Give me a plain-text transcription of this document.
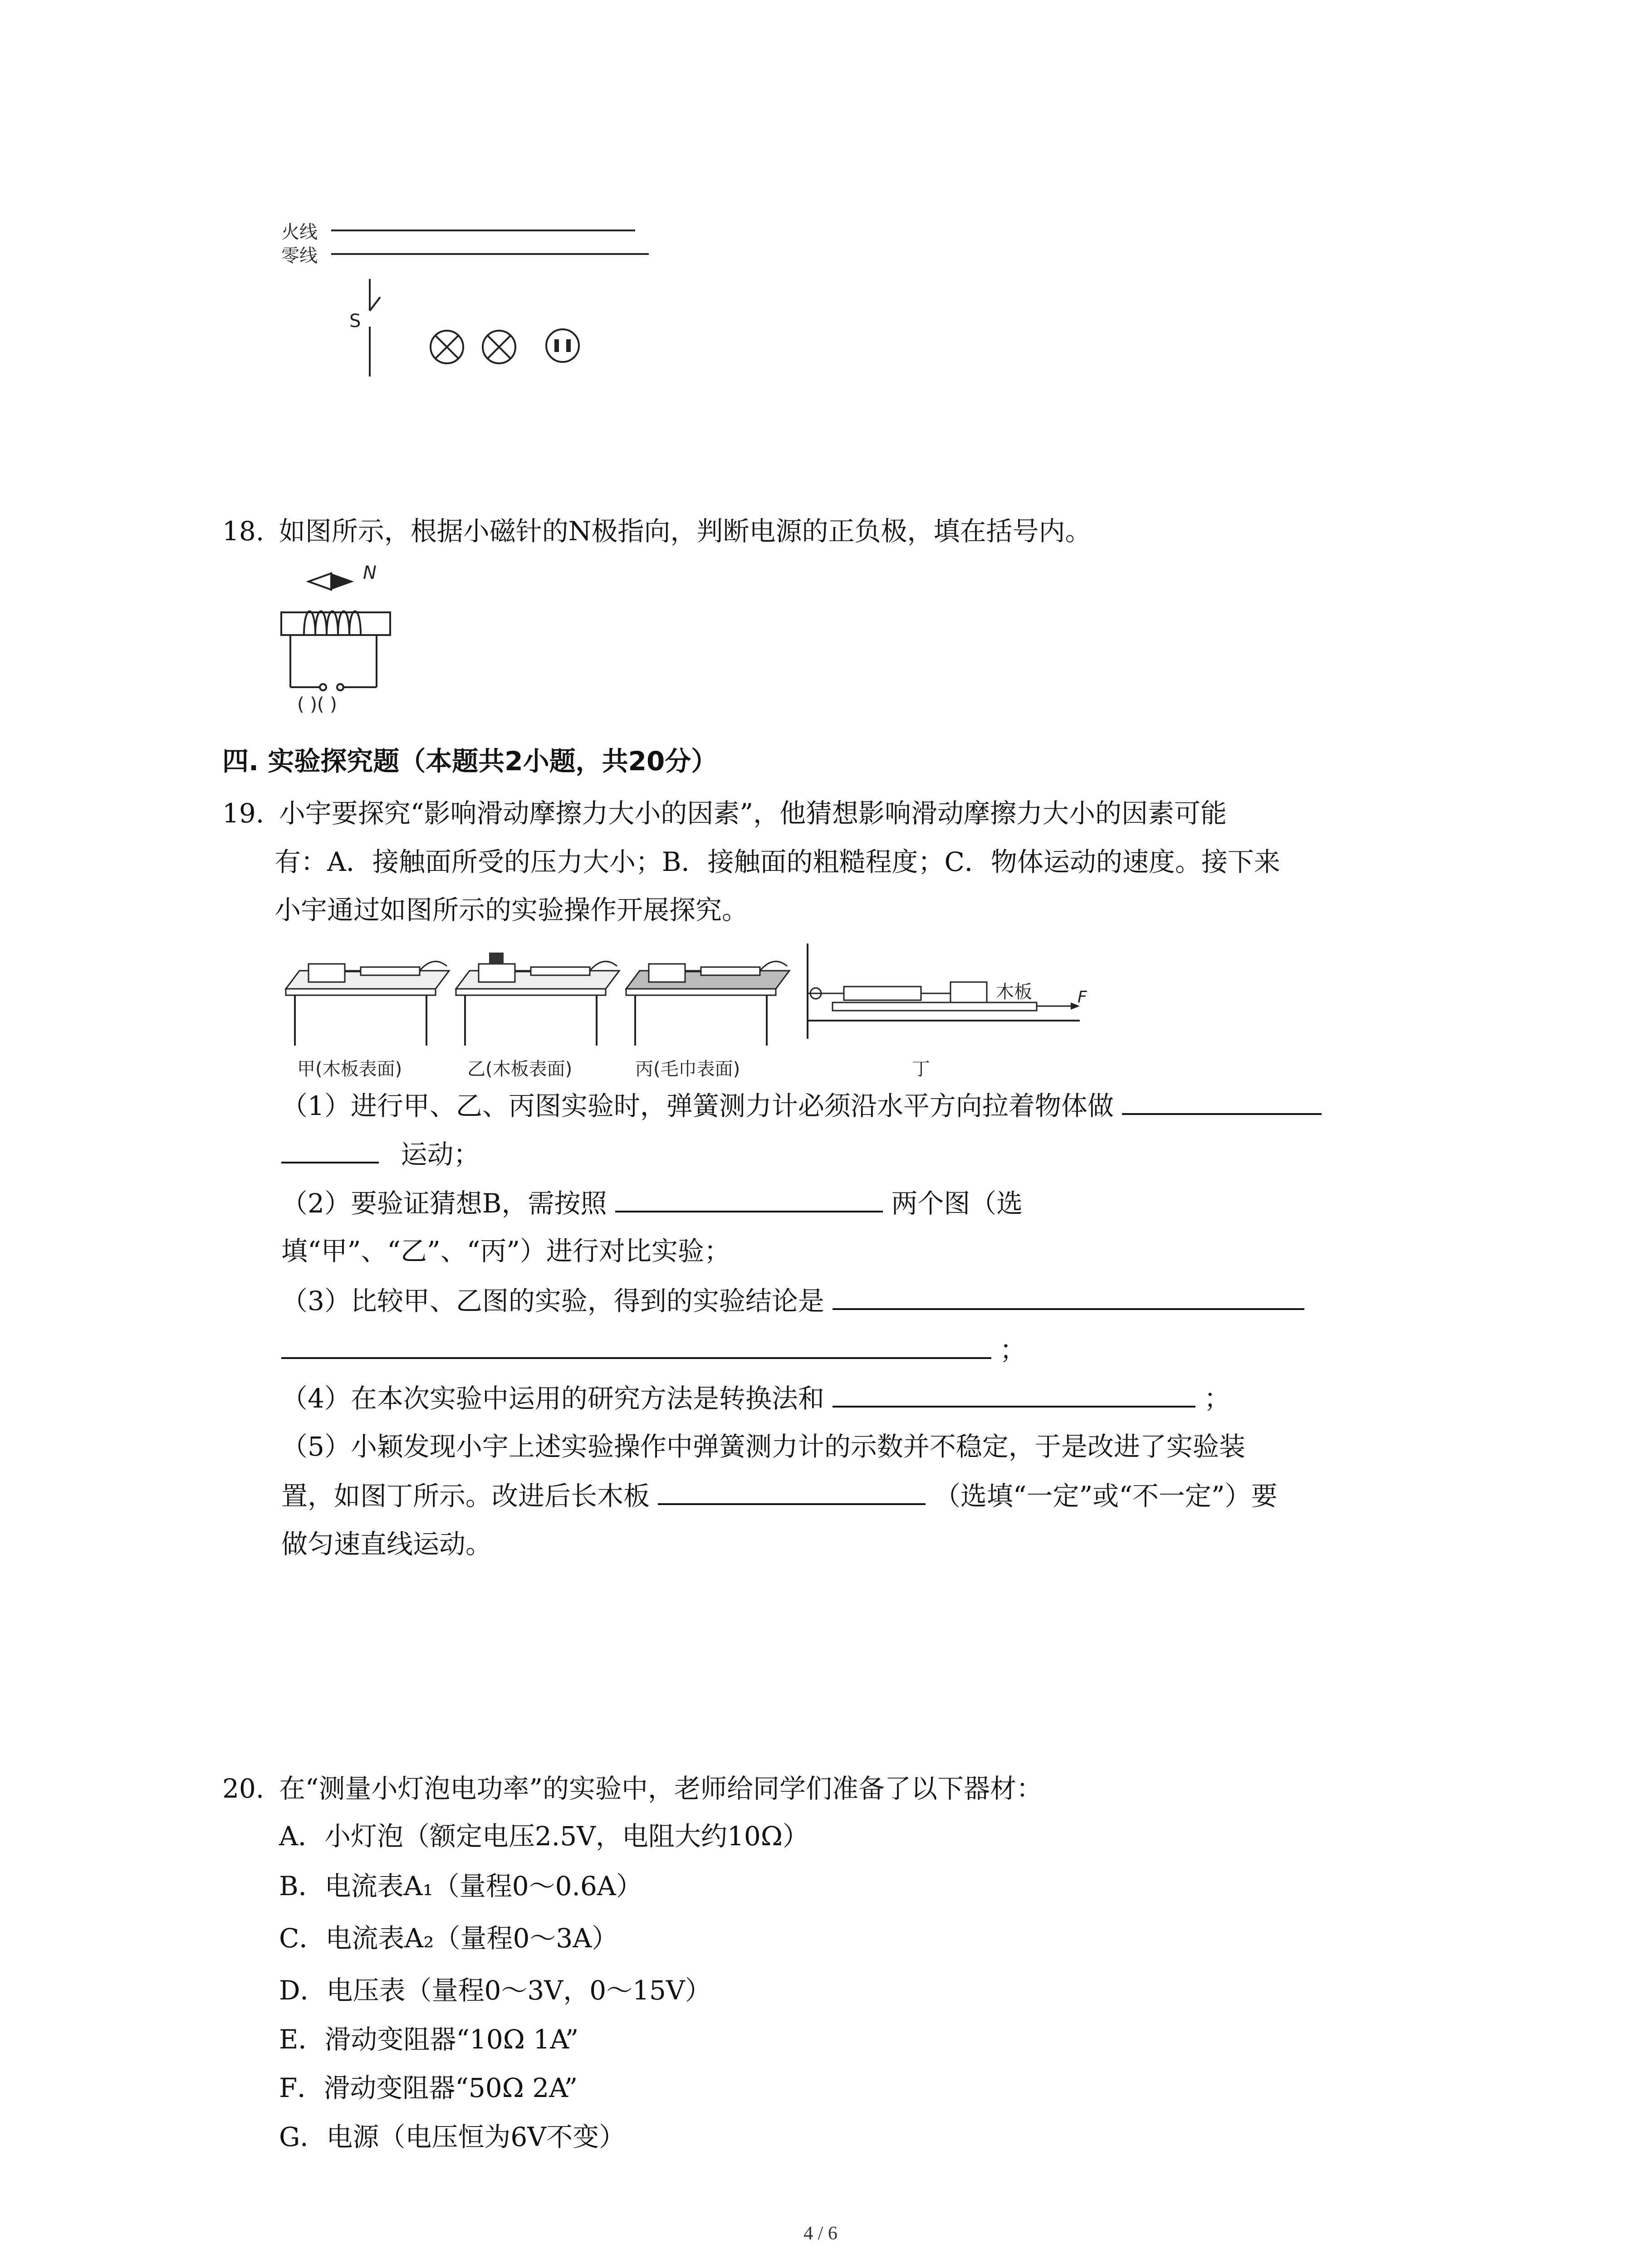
火线
零线
S
18. 如图所示，根据小磁针的N极指向，判断电源的正负极，填在括号内。
N
( )( )
四. 实验探究题（本题共2小题，共20分）
19. 小宇要探究“影响滑动摩擦力大小的因素”，他猜想影响滑动摩擦力大小的因素可能
有：A．接触面所受的压力大小；B．接触面的粗糙程度；C．物体运动的速度。接下来
小宇通过如图所示的实验操作开展探究。
木板	F
甲(木板表面)	乙(木板表面)	丙(毛巾表面)	丁
（1）进行甲、乙、丙图实验时，弹簧测力计必须沿水平方向拉着物体做
运动；
（2）要验证猜想B，需按照	两个图（选
填“甲”、“乙”、“丙”）进行对比实验；
（3）比较甲、乙图的实验，得到的实验结论是
；
（4）在本次实验中运用的研究方法是转换法和	；
（5）小颖发现小宇上述实验操作中弹簧测力计的示数并不稳定，于是改进了实验装
置，如图丁所示。改进后长木板	（选填“一定”或“不一定”）要
做匀速直线运动。
20. 在“测量小灯泡电功率”的实验中，老师给同学们准备了以下器材：
A．小灯泡（额定电压2.5V，电阻大约10Ω）
B．电流表A₁（量程0～0.6A）
C．电流表A₂（量程0～3A）
D．电压表（量程0～3V，0～15V）
E．滑动变阻器“10Ω 1A”
F．滑动变阻器“50Ω 2A”
G．电源（电压恒为6V不变）
4 / 6
